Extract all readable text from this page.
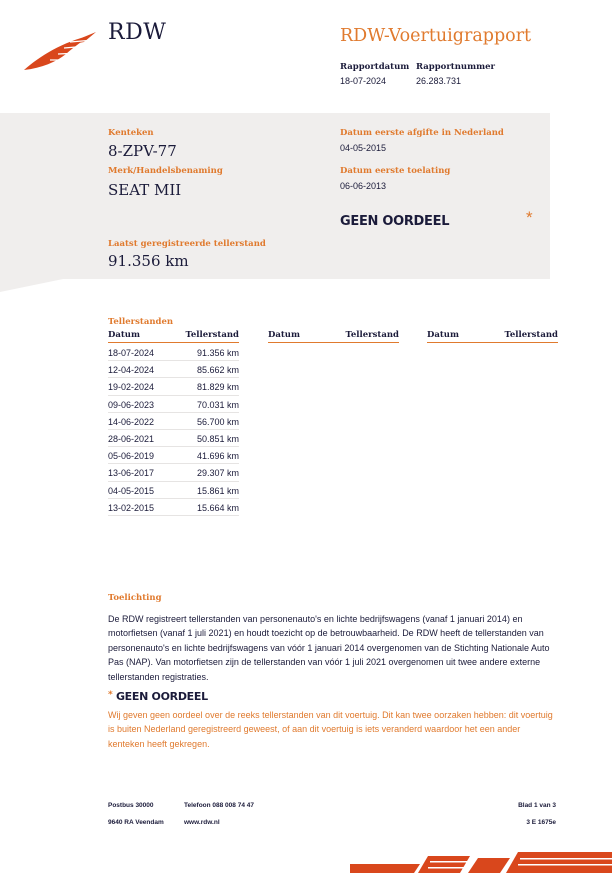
RDW	RDW-Voertuigrapport
Rapportdatum
18-07-2024
Rapportnummer
26.283.731
Kenteken
8-ZPV-77
Merk/Handelsbenaming
SEAT MII
Datum eerste afgifte in Nederland
04-05-2015
Datum eerste toelating
06-06-2013
GEEN OORDEEL	*
Laatst geregistreerde tellerstand
91.356 km
Tellerstanden
Datum	Tellerstand	Datum	Tellerstand	Datum	Tellerstand
18-07-2024	91.356 km
12-04-2024	85.662 km
19-02-2024	81.829 km
09-06-2023	70.031 km
14-06-2022	56.700 km
28-06-2021	50.851 km
05-06-2019	41.696 km
13-06-2017	29.307 km
04-05-2015	15.861 km
13-02-2015	15.664 km
Toelichting
De RDW registreert tellerstanden van personenauto's en lichte bedrijfswagens (vanaf 1 januari 2014) en motorfietsen (vanaf 1 juli 2021) en houdt toezicht op de betrouwbaarheid. De RDW heeft de tellerstanden van personenauto's en lichte bedrijfswagens van vóór 1 januari 2014 overgenomen van de Stichting Nationale Auto Pas (NAP). Van motorfietsen zijn de tellerstanden van vóór 1 juli 2021 overgenomen uit twee andere externe tellerstanden registraties.
* GEEN OORDEEL
Wij geven geen oordeel over de reeks tellerstanden van dit voertuig. Dit kan twee oorzaken hebben: dit voertuig is buiten Nederland geregistreerd geweest, of aan dit voertuig is iets veranderd waardoor het een ander kenteken heeft gekregen.
Postbus 30000
9640 RA Veendam
Telefoon 088 008 74 47
www.rdw.nl
Blad 1 van 3
3 E 1675e
